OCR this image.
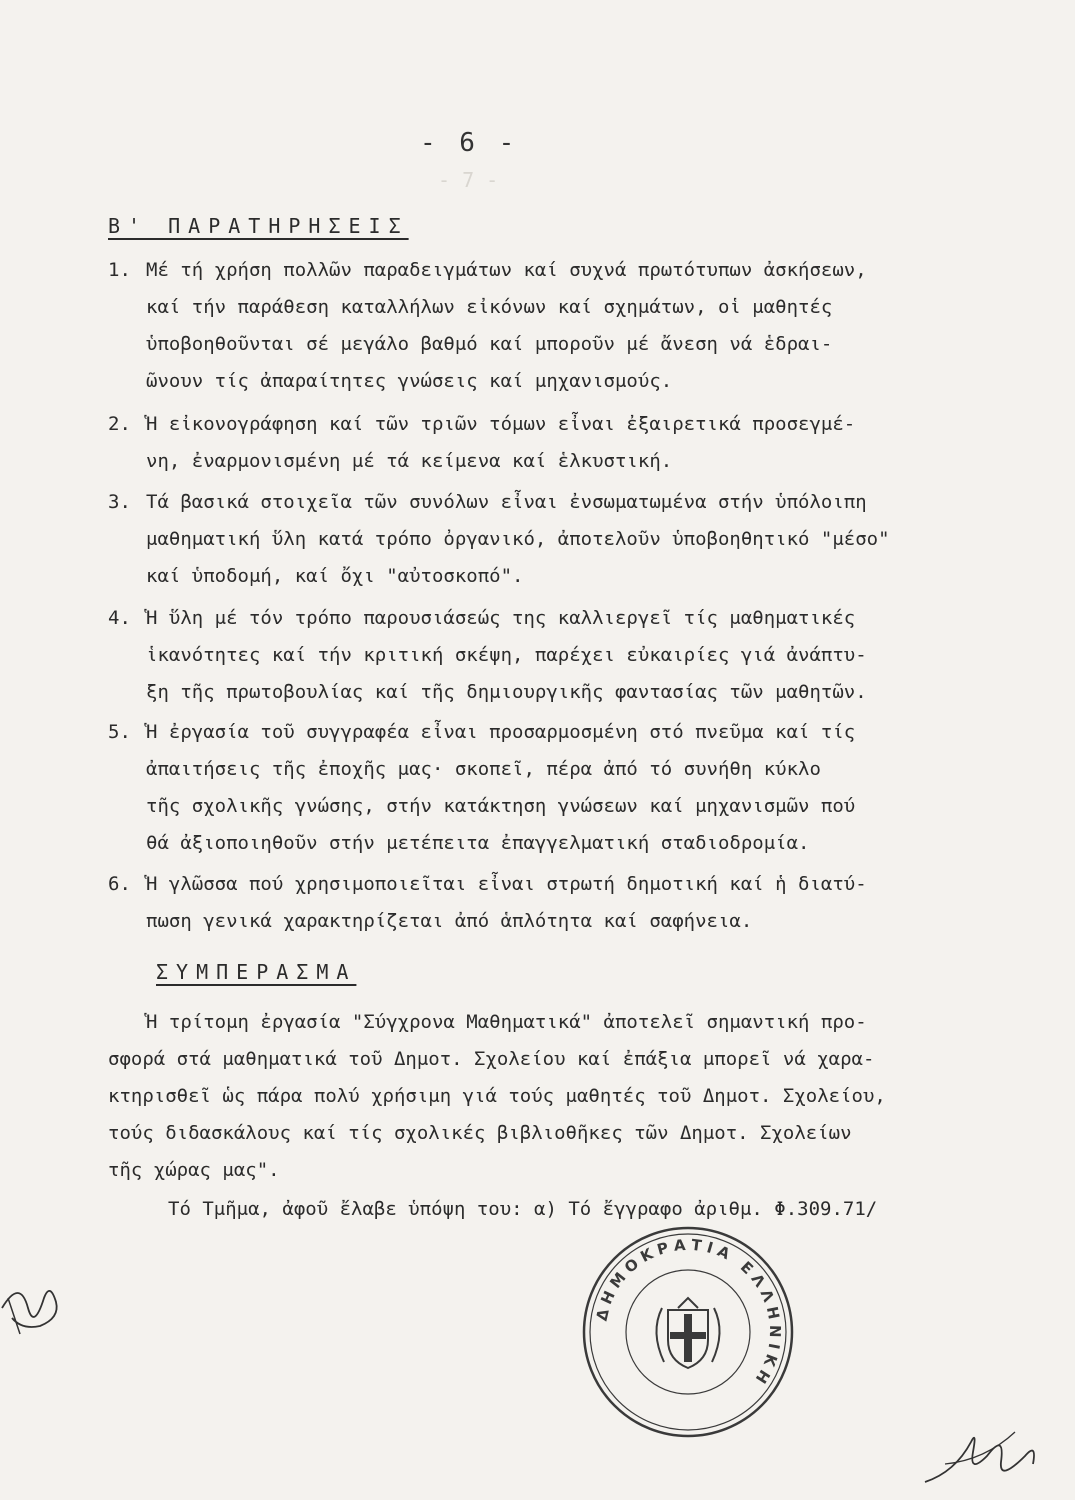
- 7 -
- 6 -
Β' ΠΑΡΑΤΗΡΗΣΕΙΣ
1. Μέ τή χρήση πολλῶν παραδειγμάτων καί συχνά πρωτότυπων ἀσκήσεων,
καί τήν παράθεση καταλλήλων εἰκόνων καί σχημάτων, οἱ μαθητές
ὑποβοηθοῦνται σέ μεγάλο βαθμό καί μποροῦν μέ ἄνεση νά ἑδραι-
ῶνουν τίς ἀπαραίτητες γνώσεις καί μηχανισμούς.
2. Ἡ εἰκονογράφηση καί τῶν τριῶν τόμων εἶναι ἐξαιρετικά προσεγμέ-
νη, ἐναρμονισμένη μέ τά κείμενα καί ἑλκυστική.
3. Τά βασικά στοιχεῖα τῶν συνόλων εἶναι ἐνσωματωμένα στήν ὑπόλοιπη
μαθηματική ὕλη κατά τρόπο ὀργανικό, ἀποτελοῦν ὑποβοηθητικό "μέσο"
καί ὑποδομή, καί ὄχι "αὐτοσκοπό".
4. Ἡ ὕλη μέ τόν τρόπο παρουσιάσεώς της καλλιεργεῖ τίς μαθηματικές
ἱκανότητες καί τήν κριτική σκέψη, παρέχει εὐκαιρίες γιά ἀνάπτυ-
ξη τῆς πρωτοβουλίας καί τῆς δημιουργικῆς φαντασίας τῶν μαθητῶν.
5. Ἡ ἐργασία τοῦ συγγραφέα εἶναι προσαρμοσμένη στό πνεῦμα καί τίς
ἀπαιτήσεις τῆς ἐποχῆς μας· σκοπεῖ, πέρα ἀπό τό συνήθη κύκλο
τῆς σχολικῆς γνώσης, στήν κατάκτηση γνώσεων καί μηχανισμῶν πού
θά ἀξιοποιηθοῦν στήν μετέπειτα ἐπαγγελματική σταδιοδρομία.
6. Ἡ γλῶσσα πού χρησιμοποιεῖται εἶναι στρωτή δημοτική καί ἡ διατύ-
πωση γενικά χαρακτηρίζεται ἀπό ἁπλότητα καί σαφήνεια.
ΣΥΜΠΕΡΑΣΜΑ
Ἡ τρίτομη ἐργασία "Σύγχρονα Μαθηματικά" ἀποτελεῖ σημαντική προ-
σφορά στά μαθηματικά τοῦ Δημοτ. Σχολείου καί ἐπάξια μπορεῖ νά χαρα-
κτηρισθεῖ ὡς πάρα πολύ χρήσιμη γιά τούς μαθητές τοῦ Δημοτ. Σχολείου,
τούς διδασκάλους καί τίς σχολικές βιβλιοθῆκες τῶν Δημοτ. Σχολείων
τῆς χώρας μας".
Τό Τμῆμα, ἀφοῦ ἔλαβε ὑπόψη του: α) Τό ἔγγραφο ἀριθμ. Φ.309.71/
ΔΗΜΟΚΡΑΤΙΑ ΕΛΛΗΝΙΚΗ
